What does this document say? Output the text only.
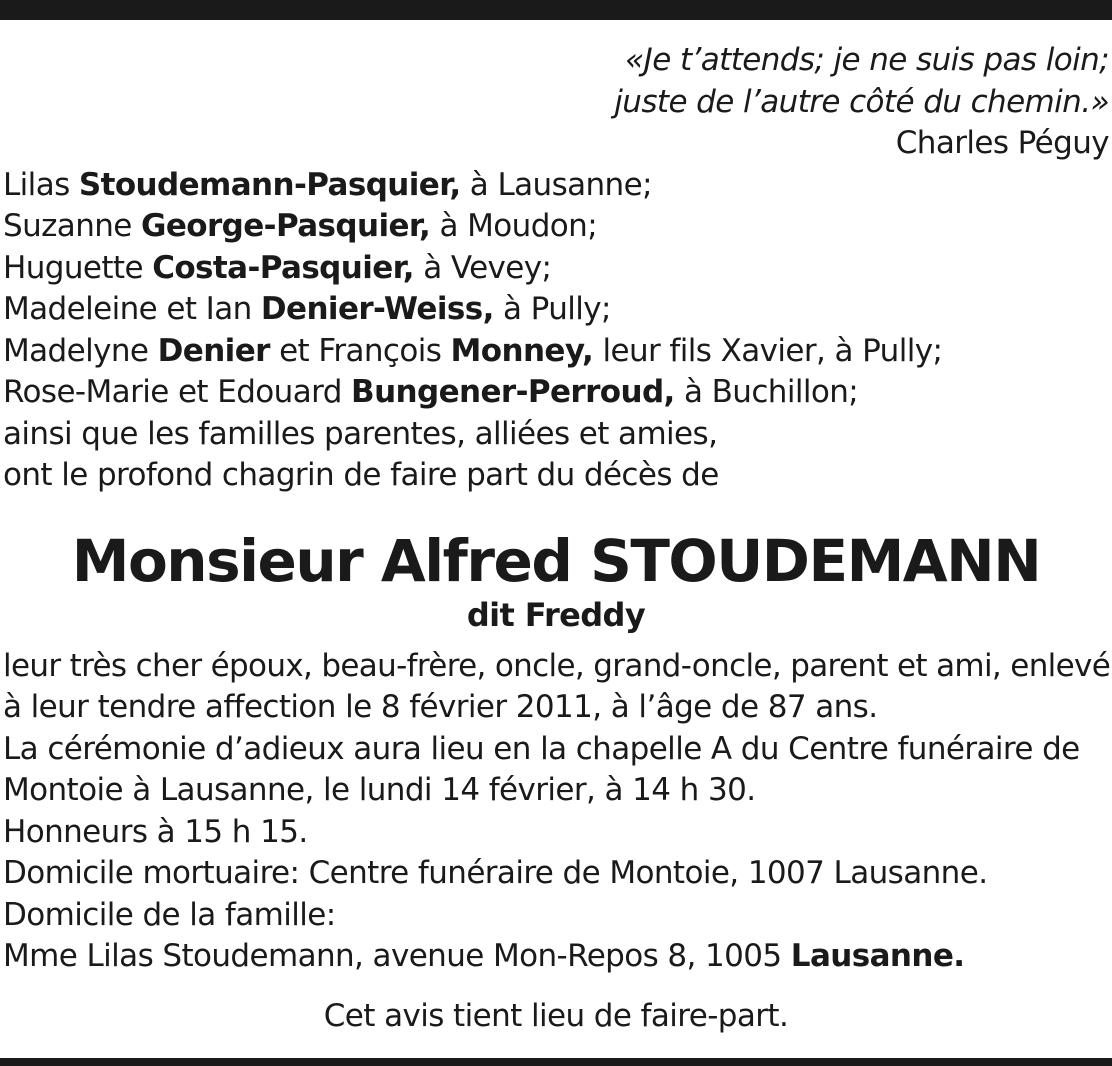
«Je t’attends; je ne suis pas loin;
juste de l’autre côté du chemin.»
Charles Péguy
Lilas Stoudemann-Pasquier, à Lausanne;
Suzanne George-Pasquier, à Moudon;
Huguette Costa-Pasquier, à Vevey;
Madeleine et Ian Denier-Weiss, à Pully;
Madelyne Denier et François Monney, leur fils Xavier, à Pully;
Rose-Marie et Edouard Bungener-Perroud, à Buchillon;
ainsi que les familles parentes, alliées et amies,
ont le profond chagrin de faire part du décès de
Monsieur Alfred STOUDEMANN
dit Freddy
leur très cher époux, beau-frère, oncle, grand-oncle, parent et ami, enlevé
à leur tendre affection le 8 février 2011, à l’âge de 87 ans.
La cérémonie d’adieux aura lieu en la chapelle A du Centre funéraire de
Montoie à Lausanne, le lundi 14 février, à 14 h 30.
Honneurs à 15 h 15.
Domicile mortuaire: Centre funéraire de Montoie, 1007 Lausanne.
Domicile de la famille:
Mme Lilas Stoudemann, avenue Mon-Repos 8, 1005 Lausanne.
Cet avis tient lieu de faire-part.
